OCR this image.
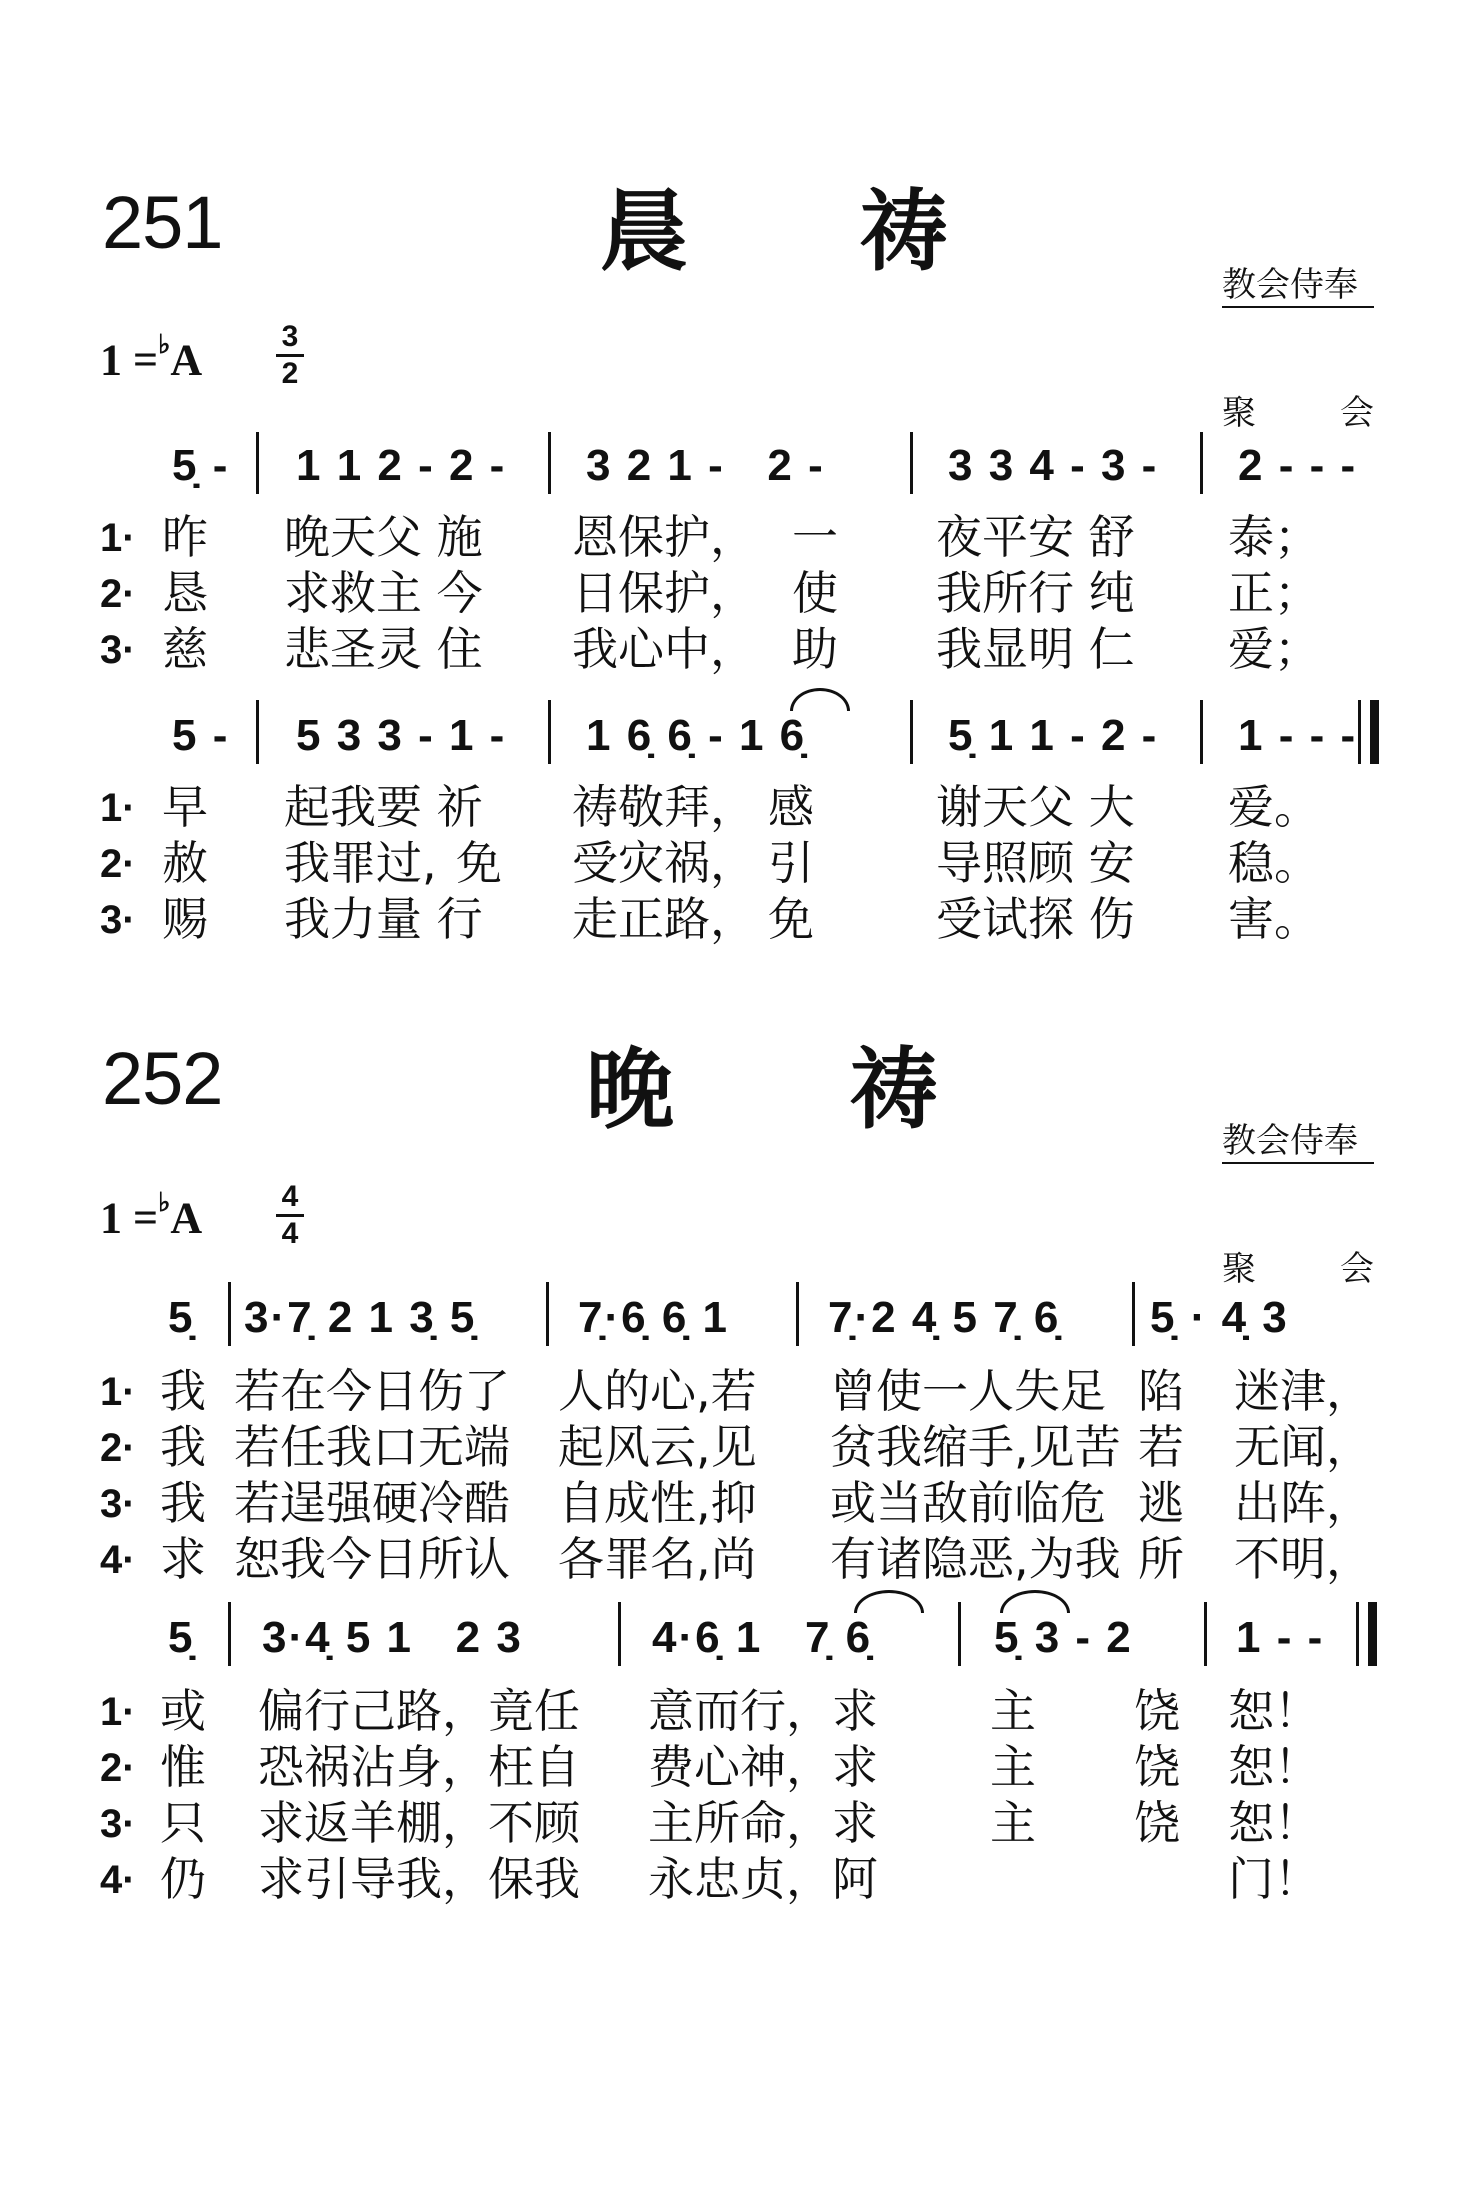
251	晨 祷

教会侍奉

聚 会

1 =♭A	3
2
5̣ - 1 1 2 - 2 - 3 2 1 -   2 -	3 3 4 - 3 - 2 - - -
1· 昨 晚天父 施 恩保护， 一 夜平安 舒 泰；
2· 恳 求救主 今 日保护， 使 我所行 纯 正；
3· 慈 悲圣灵 住 我心中， 助 我显明 仁 爱；
5 - 5 3 3 - 1 - 1 6̣ 6̣ - 1 6̣	5̣ 1 1 - 2 - 1 - - -
1· 早 起我要 祈 祷敬拜， 感	谢天父 大 爱。
2· 赦 我罪过, 免 受灾祸， 引	导照顾 安 稳。
3· 赐 我力量 行 走正路， 免	受试探 伤 害。
252	晚 祷

	教会侍奉

聚 会

1 =♭A	4
4
5̣ 3·7̣ 2 1 3̣ 5̣ 7̣·6̣ 6̣ 1 7̣·2 4̣ 5 7̣ 6̣ 5̣ · 4̣ 3
1· 我 若在今日伤了 人的心,若 曾使一人失足 陷 迷津，
2· 我 若任我口无端 起风云,见 贫我缩手,见苦 若 无闻，
3· 我 若逞强硬冷酷 自成性,抑 或当敌前临危 逃 出阵，
4· 求 恕我今日所认 各罪名,尚 有诸隐恶,为我 所 不明，
5̣ 3·4̣ 5 1   2 3	4·6̣ 1   7̣ 6̣	5̣ 3 - 2 1 - -
1· 或 偏行己路，竟任 意而行，求 主 饶 恕！
2· 惟 恐祸沾身，枉自 费心神，求 主 饶 恕！
3· 只 求返羊棚，不顾 主所命，求 主 饶 恕！
4· 仍 求引导我，保我 永忠贞，阿	门！
